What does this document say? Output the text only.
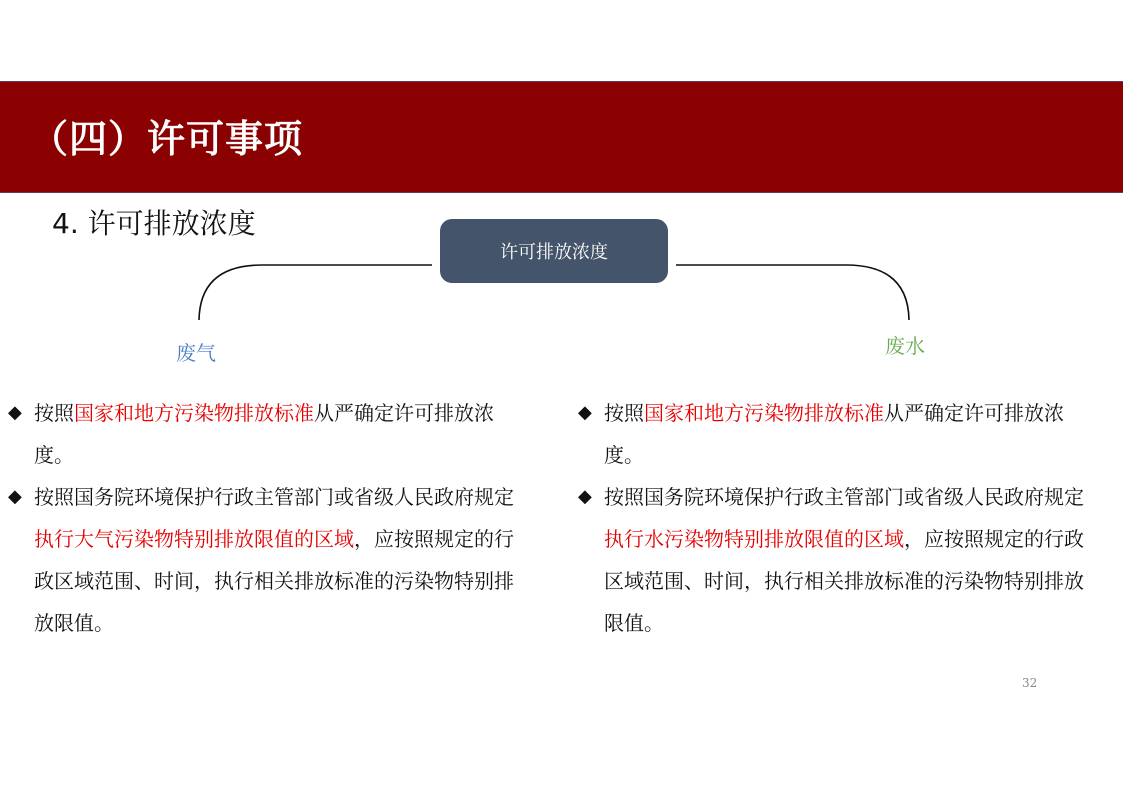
（四）许可事项
4. 许可排放浓度
许可排放浓度
废气	废水
◆ 按照国家和地方污染物排放标准从严确定许可排放浓度。
◆ 按照国务院环境保护行政主管部门或省级人民政府规定执行大气污染物特别排放限值的区域，应按照规定的行政区域范围、时间，执行相关排放标准的污染物特别排放限值。
◆ 按照国家和地方污染物排放标准从严确定许可排放浓度。
◆ 按照国务院环境保护行政主管部门或省级人民政府规定执行水污染物特别排放限值的区域，应按照规定的行政区域范围、时间，执行相关排放标准的污染物特别排放限值。
32
